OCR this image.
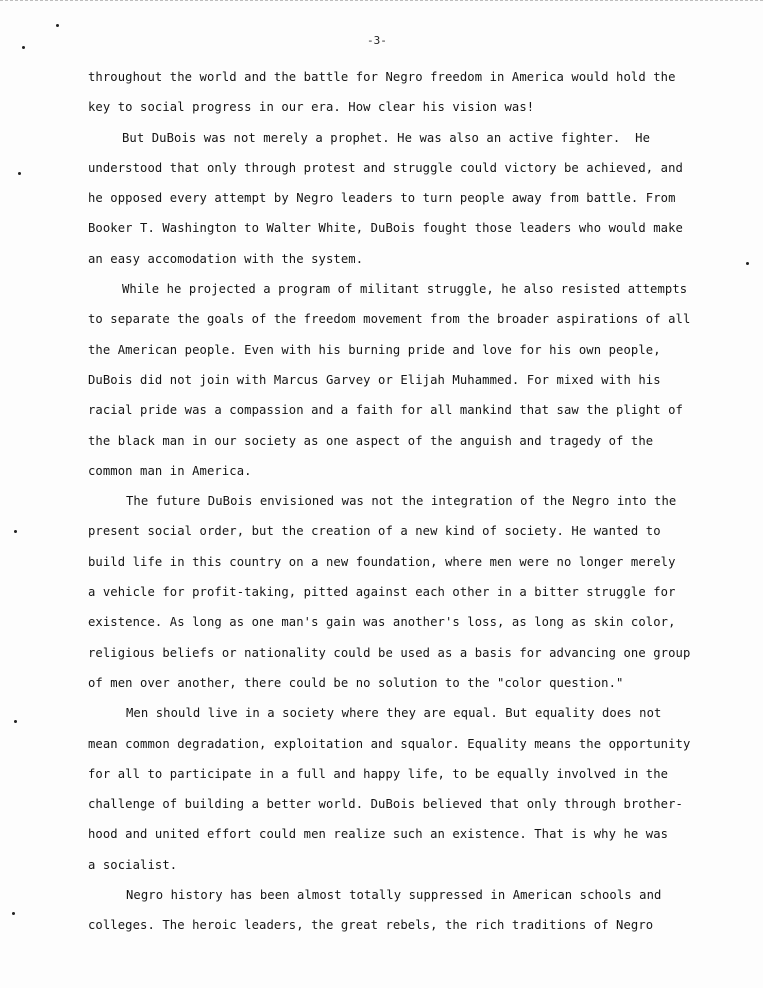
-3-
throughout the world and the battle for Negro freedom in America would hold the
key to social progress in our era. How clear his vision was!
But DuBois was not merely a prophet. He was also an active fighter.  He
understood that only through protest and struggle could victory be achieved, and
he opposed every attempt by Negro leaders to turn people away from battle. From
Booker T. Washington to Walter White, DuBois fought those leaders who would make
an easy accomodation with the system.
While he projected a program of militant struggle, he also resisted attempts
to separate the goals of the freedom movement from the broader aspirations of all
the American people. Even with his burning pride and love for his own people,
DuBois did not join with Marcus Garvey or Elijah Muhammed. For mixed with his
racial pride was a compassion and a faith for all mankind that saw the plight of
the black man in our society as one aspect of the anguish and tragedy of the
common man in America.
The future DuBois envisioned was not the integration of the Negro into the
present social order, but the creation of a new kind of society. He wanted to
build life in this country on a new foundation, where men were no longer merely
a vehicle for profit-taking, pitted against each other in a bitter struggle for
existence. As long as one man's gain was another's loss, as long as skin color,
religious beliefs or nationality could be used as a basis for advancing one group
of men over another, there could be no solution to the "color question."
Men should live in a society where they are equal. But equality does not
mean common degradation, exploitation and squalor. Equality means the opportunity
for all to participate in a full and happy life, to be equally involved in the
challenge of building a better world. DuBois believed that only through brother-
hood and united effort could men realize such an existence. That is why he was
a socialist.
Negro history has been almost totally suppressed in American schools and
colleges. The heroic leaders, the great rebels, the rich traditions of Negro
